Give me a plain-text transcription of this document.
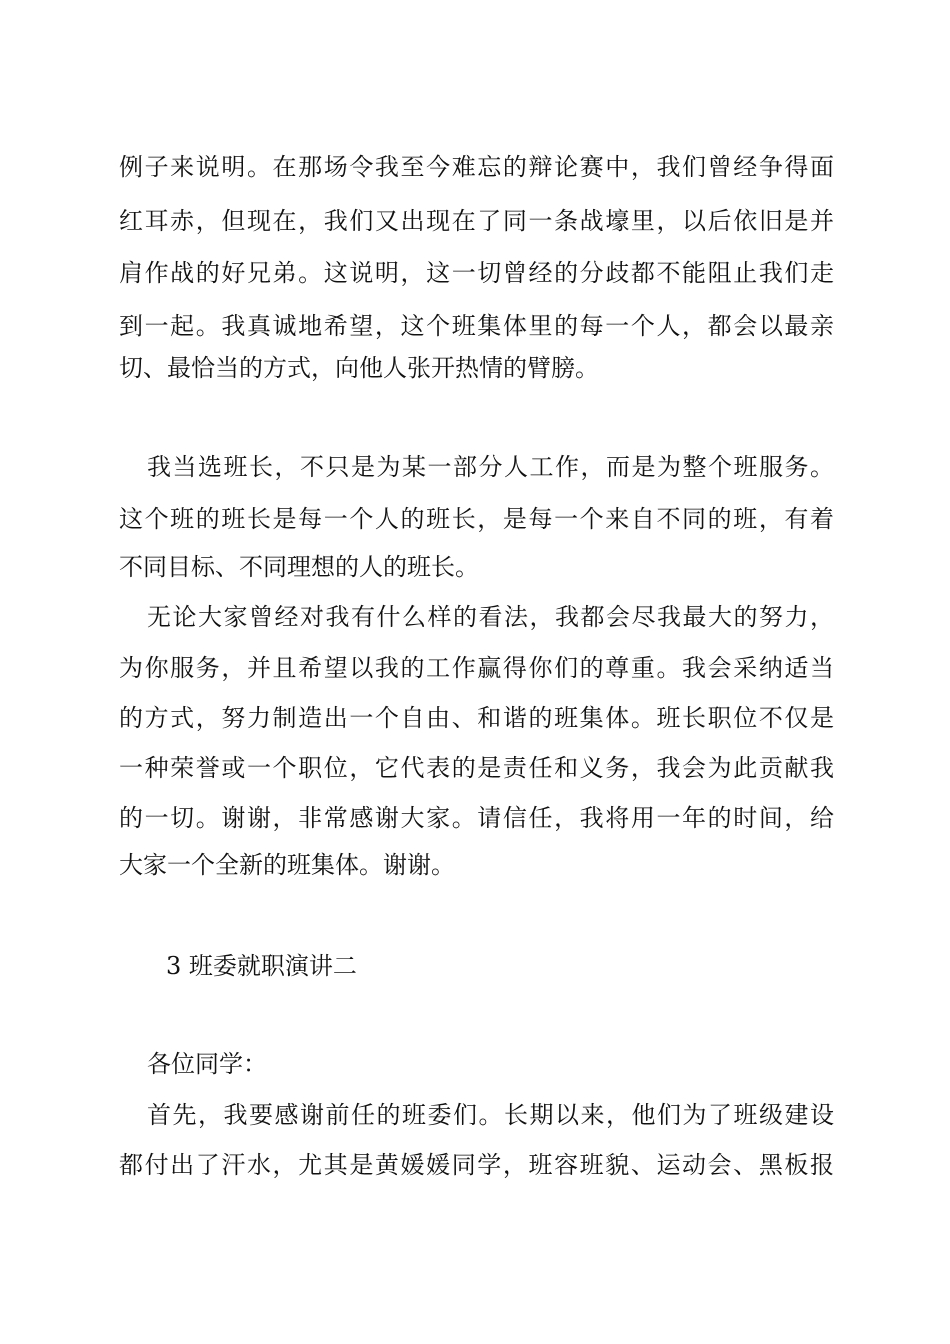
例子来说明。在那场令我至今难忘的辩论赛中，我们曾经争得面
红耳赤，但现在，我们又出现在了同一条战壕里，以后依旧是并
肩作战的好兄弟。这说明，这一切曾经的分歧都不能阻止我们走
到一起。我真诚地希望，这个班集体里的每一个人，都会以最亲
切、最恰当的方式，向他人张开热情的臂膀。
我当选班长，不只是为某一部分人工作，而是为整个班服务。
这个班的班长是每一个人的班长，是每一个来自不同的班，有着
不同目标、不同理想的人的班长。
无论大家曾经对我有什么样的看法，我都会尽我最大的努力，
为你服务，并且希望以我的工作赢得你们的尊重。我会采纳适当
的方式，努力制造出一个自由、和谐的班集体。班长职位不仅是
一种荣誉或一个职位，它代表的是责任和义务，我会为此贡献我
的一切。谢谢，非常感谢大家。请信任，我将用一年的时间，给
大家一个全新的班集体。谢谢。
3 班委就职演讲二
各位同学：
首先，我要感谢前任的班委们。长期以来，他们为了班级建设
都付出了汗水，尤其是黄媛媛同学，班容班貌、运动会、黑板报
